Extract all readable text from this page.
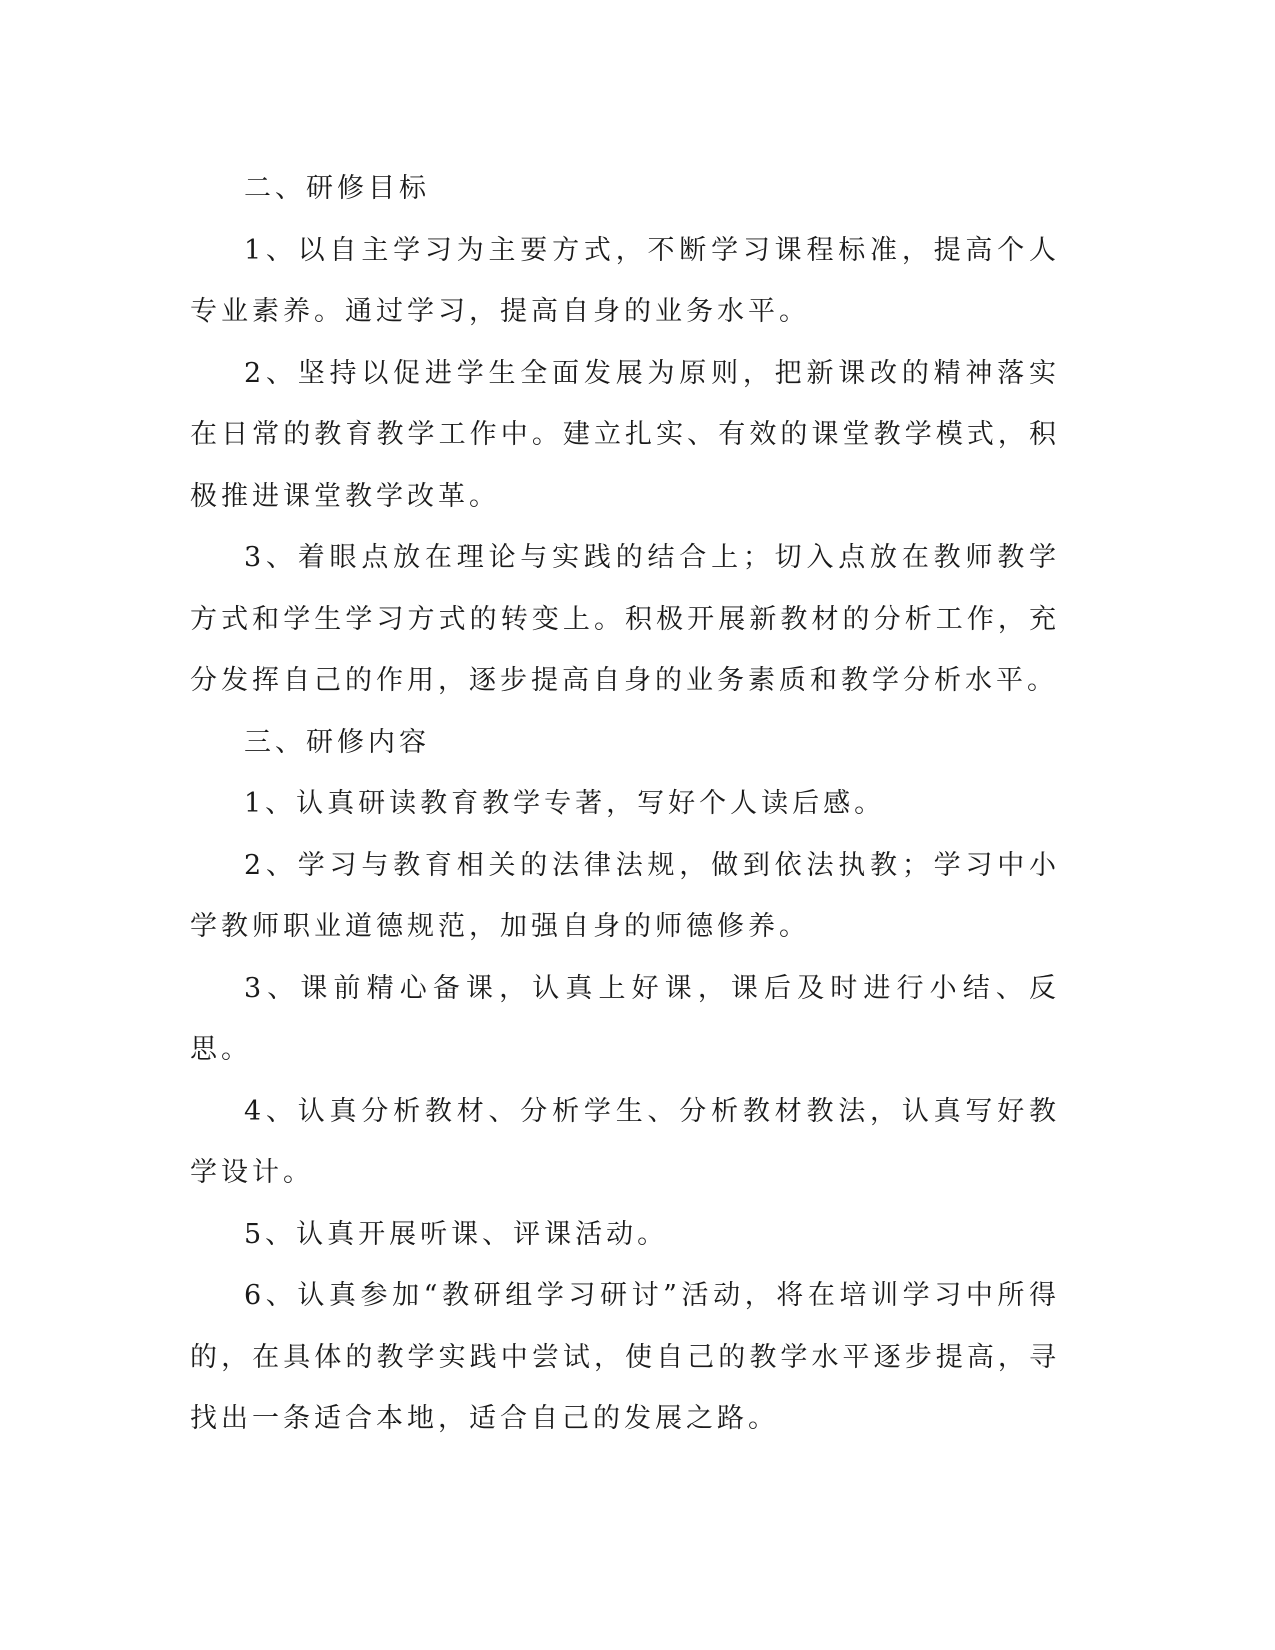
二、研修目标

1、以自主学习为主要方式，不断学习课程标准，提高个人专业素养。通过学习，提高自身的业务水平。

2、坚持以促进学生全面发展为原则，把新课改的精神落实在日常的教育教学工作中。建立扎实、有效的课堂教学模式，积极推进课堂教学改革。

3、着眼点放在理论与实践的结合上；切入点放在教师教学方式和学生学习方式的转变上。积极开展新教材的分析工作，充分发挥自己的作用，逐步提高自身的业务素质和教学分析水平。

三、研修内容

1、认真研读教育教学专著，写好个人读后感。

2、学习与教育相关的法律法规，做到依法执教；学习中小学教师职业道德规范，加强自身的师德修养。

3、课前精心备课，认真上好课，课后及时进行小结、反思。

4、认真分析教材、分析学生、分析教材教法，认真写好教学设计。

5、认真开展听课、评课活动。

6、认真参加“教研组学习研讨”活动，将在培训学习中所得的，在具体的教学实践中尝试，使自己的教学水平逐步提高，寻找出一条适合本地，适合自己的发展之路。
